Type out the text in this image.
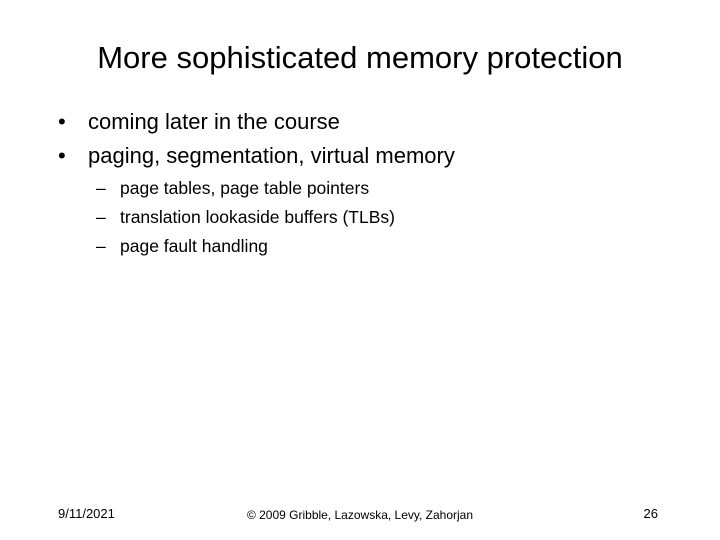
More sophisticated memory protection
• coming later in the course
• paging, segmentation, virtual memory
– page tables, page table pointers
– translation lookaside buffers (TLBs)
– page fault handling
9/11/2021	© 2009 Gribble, Lazowska, Levy, Zahorjan	26
